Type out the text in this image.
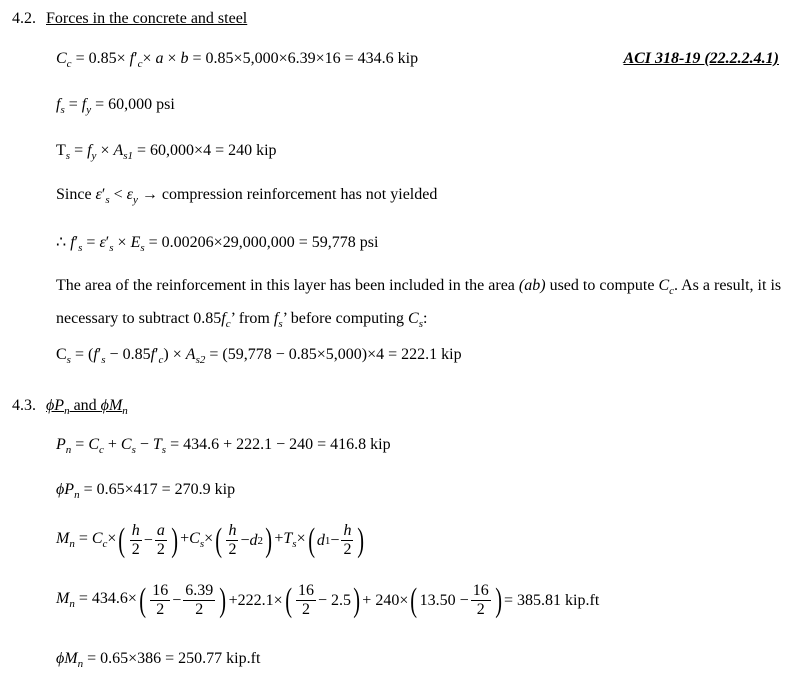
4.2. Forces in the concrete and steel
$C_c = 0.85\times f'_c\times a \times b = 0.85\times 5,000\times 6.39\times 16 = 434.6$ kip	ACI 318-19 (22.2.2.4.1)
$f_s = f_y = 60,000$ psi
$T_s = f_y \times A_{s1} = 60,000\times 4 = 240$ kip
Since $\varepsilon'_s < \varepsilon_y$ → compression reinforcement has not yielded
∴ $f'_s = \varepsilon'_s \times E_s = 0.00206\times 29,000,000 = 59,778$ psi
The area of the reinforcement in this layer has been included in the area (ab) used to compute $C_c$. As a result, it is necessary to subtract $0.85f_c$’ from $f_s$’ before computing $C_s$:
$C_s = (f'_s - 0.85f'_c) \times A_{s2} = (59,778 - 0.85\times 5,000)\times 4 = 222.1$ kip
4.3. $\phi P_n$ and $\phi M_n$
$P_n = C_c + C_s - T_s = 434.6 + 222.1 - 240 = 416.8$ kip
$\phi P_n = 0.65\times 417 = 270.9$ kip
$M_n = C_c\times$ ( $\frac{h}{2} - \frac{a}{2}$ ) $+C_s\times$ ( $\frac{h}{2} - d$ 2 ) $+T_s\times$ ( d $1 - \frac{h}{2}$ )
$M_n = 434.6\times$ ( $\frac{16}{2} - \frac{6.39}{2}$ ) +222.1× ( $\frac{16}{2} - 2.5$ ) + 240× ( $13.50 - \frac{16}{2}$ ) = 385.81 kip.ft
$\phi M_n = 0.65\times 386 = 250.77$ kip.ft
